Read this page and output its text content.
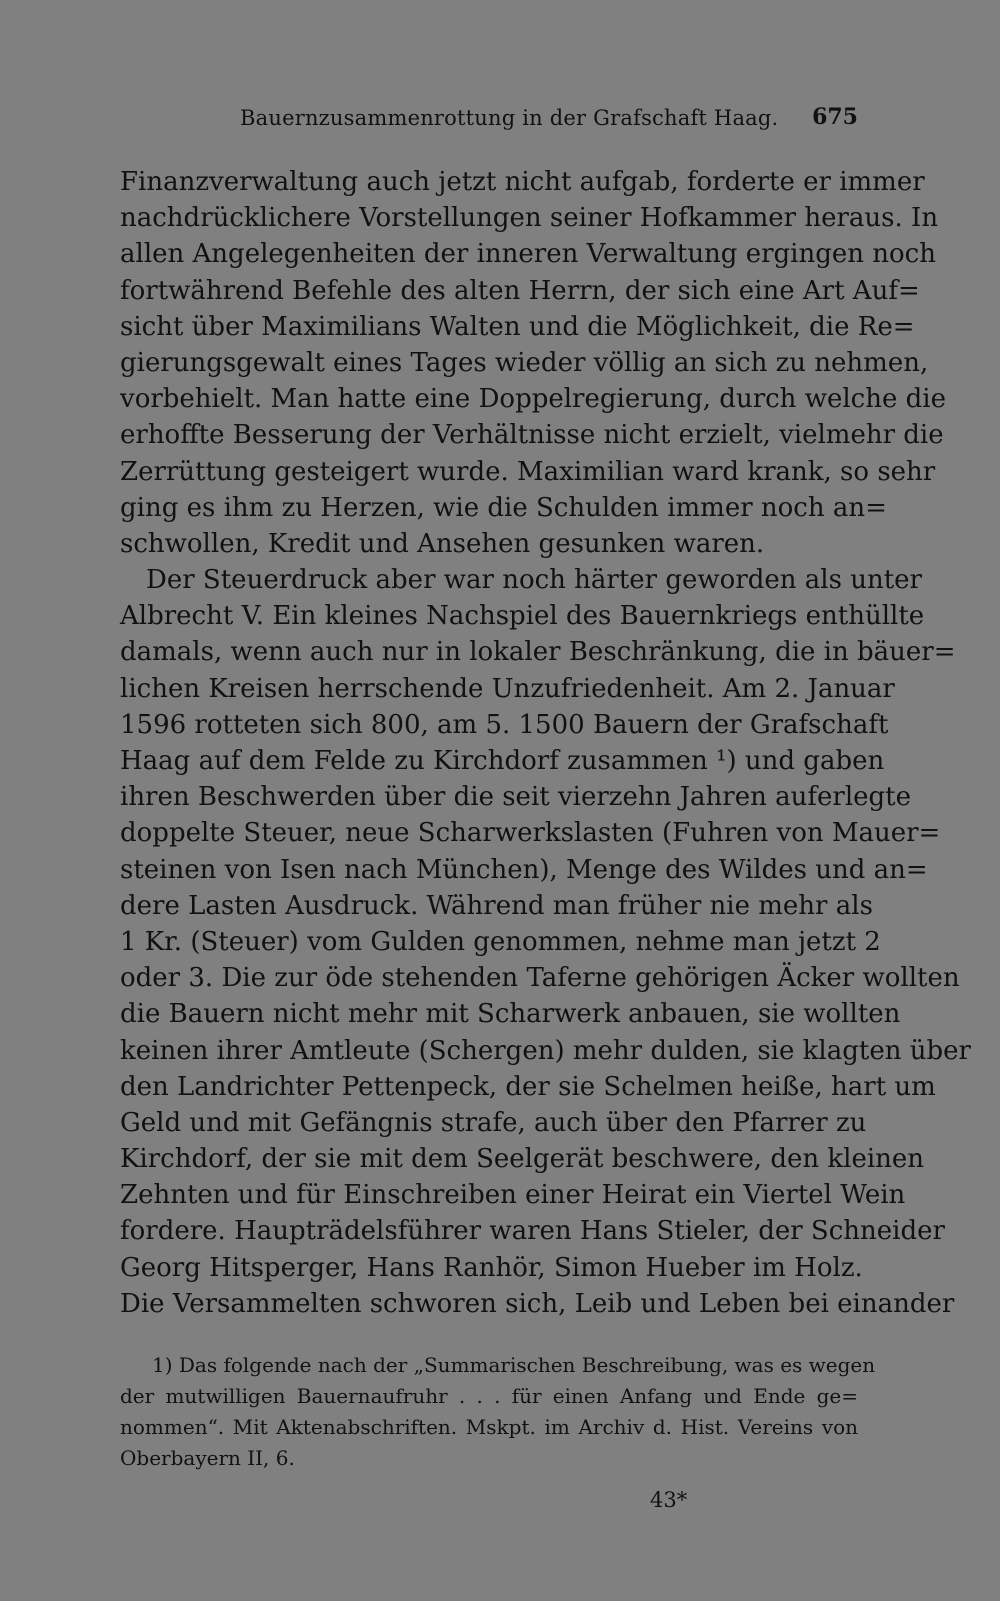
Bauernzusammenrottung in der Grafschaft Haag. 675
Finanzverwaltung auch jetzt nicht aufgab, forderte er immer
nachdrücklichere Vorstellungen seiner Hofkammer heraus. In
allen Angelegenheiten der inneren Verwaltung ergingen noch
fortwährend Befehle des alten Herrn, der sich eine Art Auf=
sicht über Maximilians Walten und die Möglichkeit, die Re=
gierungsgewalt eines Tages wieder völlig an sich zu nehmen,
vorbehielt. Man hatte eine Doppelregierung, durch welche die
erhoffte Besserung der Verhältnisse nicht erzielt, vielmehr die
Zerrüttung gesteigert wurde. Maximilian ward krank, so sehr
ging es ihm zu Herzen, wie die Schulden immer noch an=
schwollen, Kredit und Ansehen gesunken waren.
Der Steuerdruck aber war noch härter geworden als unter
Albrecht V. Ein kleines Nachspiel des Bauernkriegs enthüllte
damals, wenn auch nur in lokaler Beschränkung, die in bäuer=
lichen Kreisen herrschende Unzufriedenheit. Am 2. Januar
1596 rotteten sich 800, am 5. 1500 Bauern der Grafschaft
Haag auf dem Felde zu Kirchdorf zusammen ¹) und gaben
ihren Beschwerden über die seit vierzehn Jahren auferlegte
doppelte Steuer, neue Scharwerkslasten (Fuhren von Mauer=
steinen von Isen nach München), Menge des Wildes und an=
dere Lasten Ausdruck. Während man früher nie mehr als
1 Kr. (Steuer) vom Gulden genommen, nehme man jetzt 2
oder 3. Die zur öde stehenden Taferne gehörigen Äcker wollten
die Bauern nicht mehr mit Scharwerk anbauen, sie wollten
keinen ihrer Amtleute (Schergen) mehr dulden, sie klagten über
den Landrichter Pettenpeck, der sie Schelmen heiße, hart um
Geld und mit Gefängnis strafe, auch über den Pfarrer zu
Kirchdorf, der sie mit dem Seelgerät beschwere, den kleinen
Zehnten und für Einschreiben einer Heirat ein Viertel Wein
fordere. Haupträdelsführer waren Hans Stieler, der Schneider
Georg Hitsperger, Hans Ranhör, Simon Hueber im Holz.
Die Versammelten schworen sich, Leib und Leben bei einander
1) Das folgende nach der „Summarischen Beschreibung, was es wegen
der mutwilligen Bauernaufruhr . . . für einen Anfang und Ende ge=
nommen“. Mit Aktenabschriften. Mskpt. im Archiv d. Hist. Vereins von
Oberbayern II, 6.
43*
